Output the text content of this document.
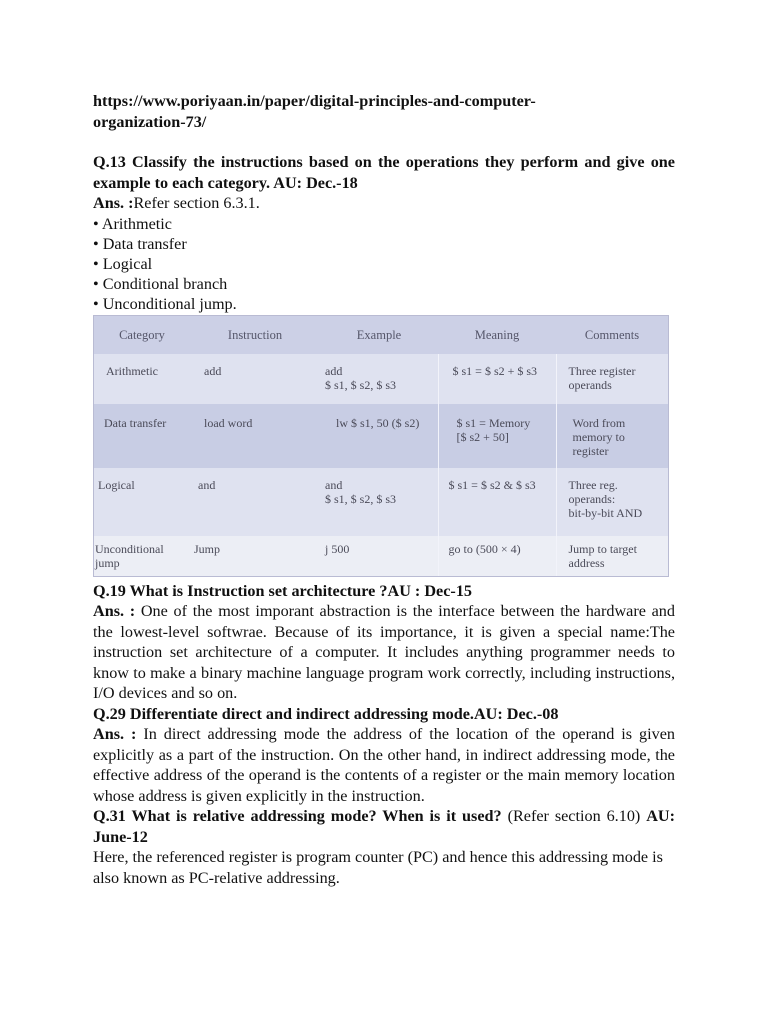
https://www.poriyaan.in/paper/digital-principles-and-computer-
organization-73/

Q.13 Classify the instructions based on the operations they perform and give one example to each category. AU: Dec.-18

Ans. :Refer section 6.3.1.

• Arithmetic
• Data transfer
• Logical
• Conditional branch
• Unconditional jump.
Category	Instruction	Example	Meaning	Comments
Arithmetic	add	add
$ s1, $ s2, $ s3	$ s1 = $ s2 + $ s3	Three register
operands
Data transfer	load word	lw $ s1, 50 ($ s2)	$ s1 = Memory
[$ s2 + 50]	Word from
memory to
register
Logical	and	and
$ s1, $ s2, $ s3	$ s1 = $ s2 & $ s3	Three reg.
operands:
bit-by-bit AND
Unconditional jump	Jump	j 500	go to (500 × 4)	Jump to target
address

Q.19 What is Instruction set architecture ?AU : Dec-15

Ans. : One of the most imporant abstraction is the interface between the hardware and the lowest-level softwrae. Because of its importance, it is given a special name:The instruction set architecture of a computer. It includes anything programmer needs to know to make a binary machine language program work correctly, including instructions, I/O devices and so on.

Q.29 Differentiate direct and indirect addressing mode.AU: Dec.-08

Ans. : In direct addressing mode the address of the location of the operand is given explicitly as a part of the instruction. On the other hand, in indirect addressing mode, the effective address of the operand is the contents of a register or the main memory location whose address is given explicitly in the instruction.

Q.31 What is relative addressing mode? When is it used? (Refer section 6.10) AU: June-12

Here, the referenced register is program counter (PC) and hence this addressing mode is also known as PC-relative addressing.
